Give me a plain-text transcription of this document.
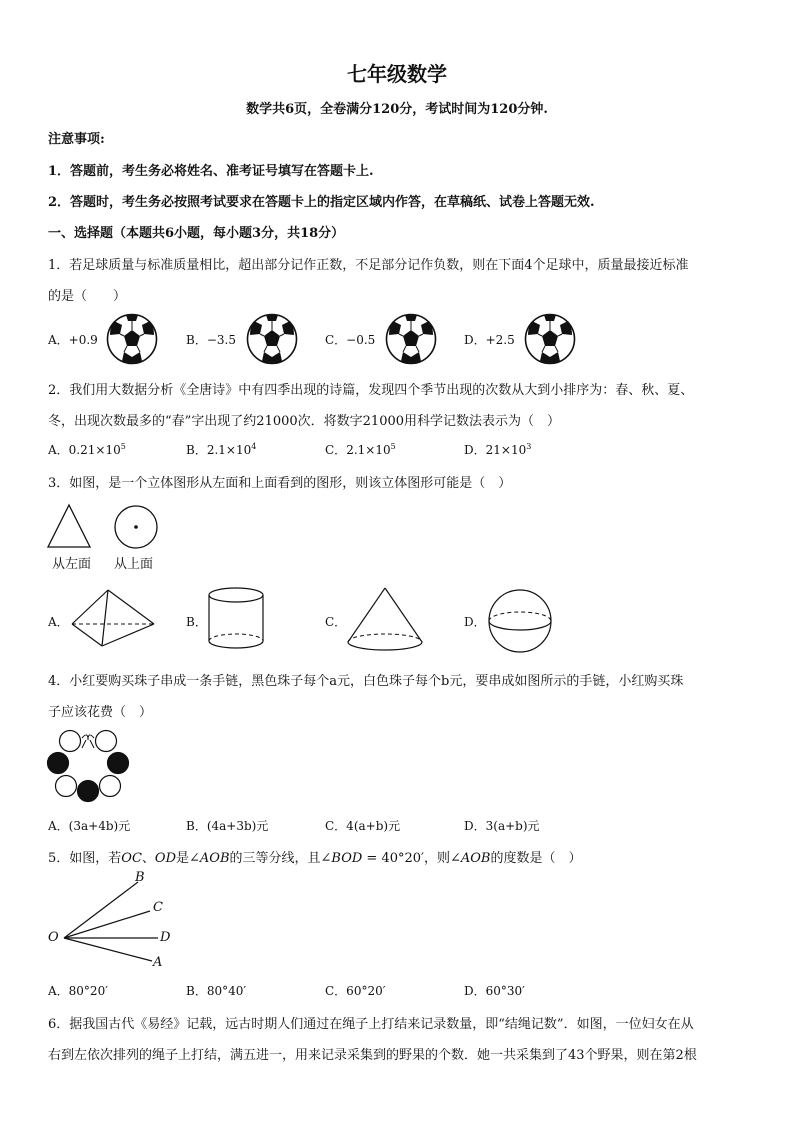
七年级数学
数学共6页，全卷满分120分，考试时间为120分钟.
注意事项:
1．答题前，考生务必将姓名、准考证号填写在答题卡上.
2．答题时，考生务必按照考试要求在答题卡上的指定区域内作答，在草稿纸、试卷上答题无效.
一、选择题（本题共6小题，每小题3分，共18分）
1．若足球质量与标准质量相比，超出部分记作正数，不足部分记作负数，则在下面4个足球中，质量最接近标准
的是（　　）
A．+0.9	B．−3.5	C．−0.5	D．+2.5
2．我们用大数据分析《全唐诗》中有四季出现的诗篇，发现四个季节出现的次数从大到小排序为：春、秋、夏、
冬，出现次数最多的“春”字出现了约21000次．将数字21000用科学记数法表示为（　）
A．$0.21\times 10^5$	B．$2.1\times 10^4$	C．$2.1\times 10^5$	D．$21\times 10^3$
3．如图，是一个立体图形从左面和上面看到的图形，则该立体图形可能是（　）
从左面 从上面
A．	B．	C．	D．
4．小红要购买珠子串成一条手链，黑色珠子每个a元，白色珠子每个b元，要串成如图所示的手链，小红购买珠
子应该花费（　）
A．(3a+4b)元	B．(4a+3b)元	C．4(a+b)元	D．3(a+b)元
5．如图，若OC、OD是∠AOB的三等分线，且∠BOD = 40°20′，则∠AOB的度数是（　）
B
C
O	D
A
A．80°20′	B．80°40′	C．60°20′	D．60°30′
6．据我国古代《易经》记载，远古时期人们通过在绳子上打结来记录数量，即“结绳记数”．如图，一位妇女在从
右到左依次排列的绳子上打结，满五进一，用来记录采集到的野果的个数．她一共采集到了43个野果，则在第2根
